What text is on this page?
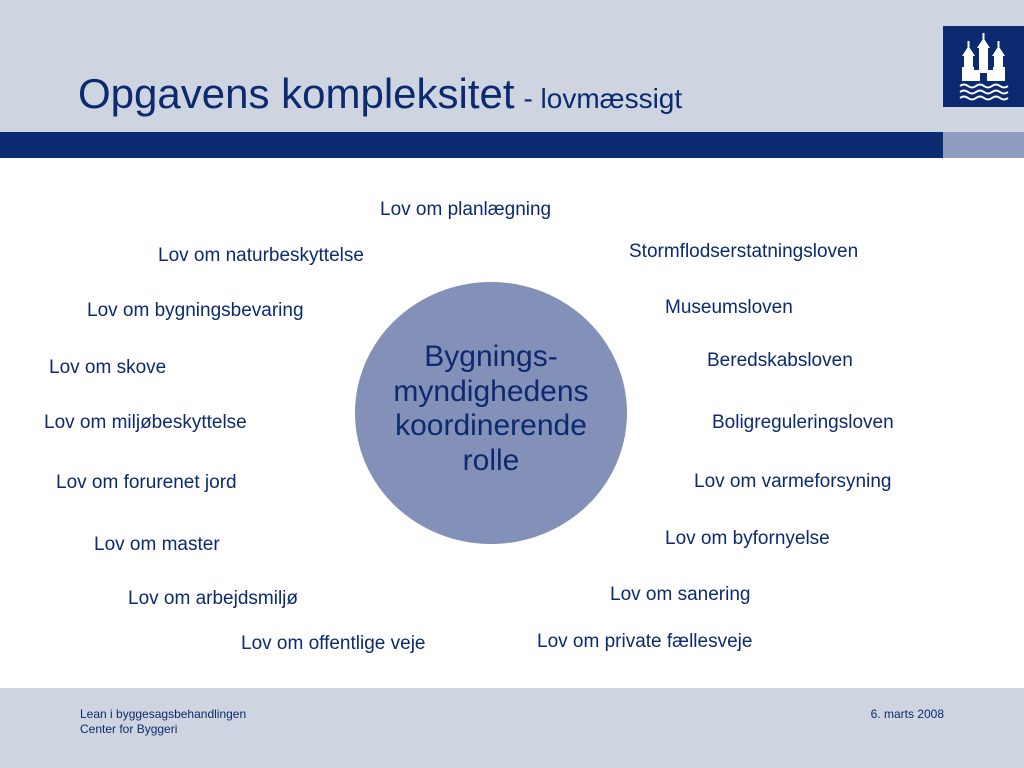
Opgavens kompleksitet - lovmæssigt
Bygnings-
myndighedens
koordinerende
rolle
Lov om planlægning
Lov om naturbeskyttelse	Stormflodserstatningsloven
Lov om bygningsbevaring	Museumsloven
Lov om skove	Beredskabsloven
Lov om miljøbeskyttelse	Boligreguleringsloven
Lov om forurenet jord	Lov om varmeforsyning
Lov om master	Lov om byfornyelse
Lov om arbejdsmiljø	Lov om sanering
Lov om offentlige veje	Lov om private fællesveje
Lean i byggesagsbehandlingen
Center for Byggeri
6. marts 2008
